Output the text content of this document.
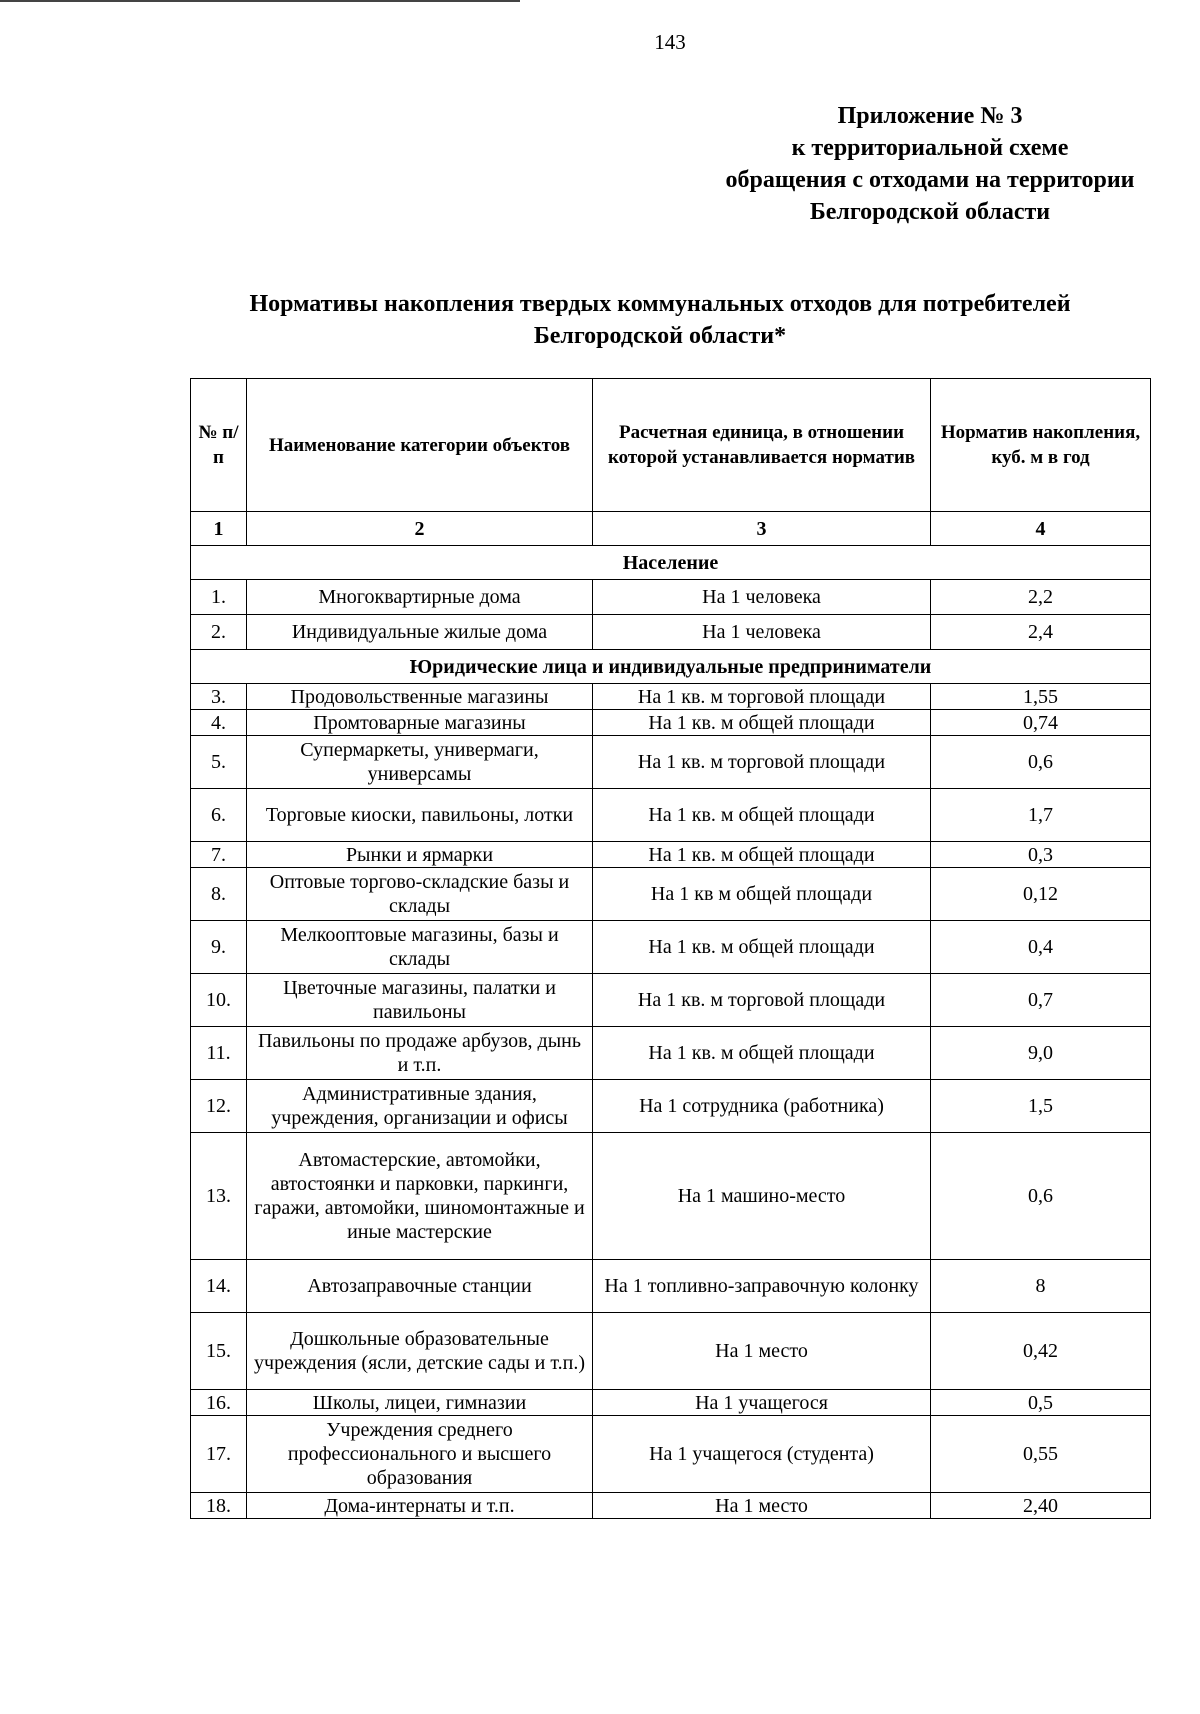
143
Приложение № 3
к территориальной схеме
обращения с отходами на территории
Белгородской области
Нормативы накопления твердых коммунальных отходов для потребителей
Белгородской области*
№ п/п	Наименование категории объектов	Расчетная единица, в отношении которой устанавливается норматив	Норматив накопления, куб. м в год
1	2	3	4
Население			
1.	Многоквартирные дома	На 1 человека	2,2
2.	Индивидуальные жилые дома	На 1 человека	2,4
Юридические лица и индивидуальные предприниматели			
3.	Продовольственные магазины	На 1 кв. м торговой площади	1,55
4.	Промтоварные магазины	На 1 кв. м общей площади	0,74
5.	Супермаркеты, универмаги, универсамы	На 1 кв. м торговой площади	0,6
6.	Торговые киоски, павильоны, лотки	На 1 кв. м общей площади	1,7
7.	Рынки и ярмарки	На 1 кв. м общей площади	0,3
8.	Оптовые торгово-складские базы и склады	На 1 кв м общей площади	0,12
9.	Мелкооптовые магазины, базы и склады	На 1 кв. м общей площади	0,4
10.	Цветочные магазины, палатки и павильоны	На 1 кв. м торговой площади	0,7
11.	Павильоны по продаже арбузов, дынь и т.п.	На 1 кв. м общей площади	9,0
12.	Административные здания, учреждения, организации и офисы	На 1 сотрудника (работника)	1,5
13.	Автомастерские, автомойки, автостоянки и парковки, паркинги, гаражи, автомойки, шиномонтажные и иные мастерские	На 1 машино-место	0,6
14.	Автозаправочные станции	На 1 топливно-заправочную колонку	8
15.	Дошкольные образовательные учреждения (ясли, детские сады и т.п.)	На 1 место	0,42
16.	Школы, лицеи, гимназии	На 1 учащегося	0,5
17.	Учреждения среднего профессионального и высшего образования	На 1 учащегося (студента)	0,55
18.	Дома-интернаты и т.п.	На 1 место	2,40
